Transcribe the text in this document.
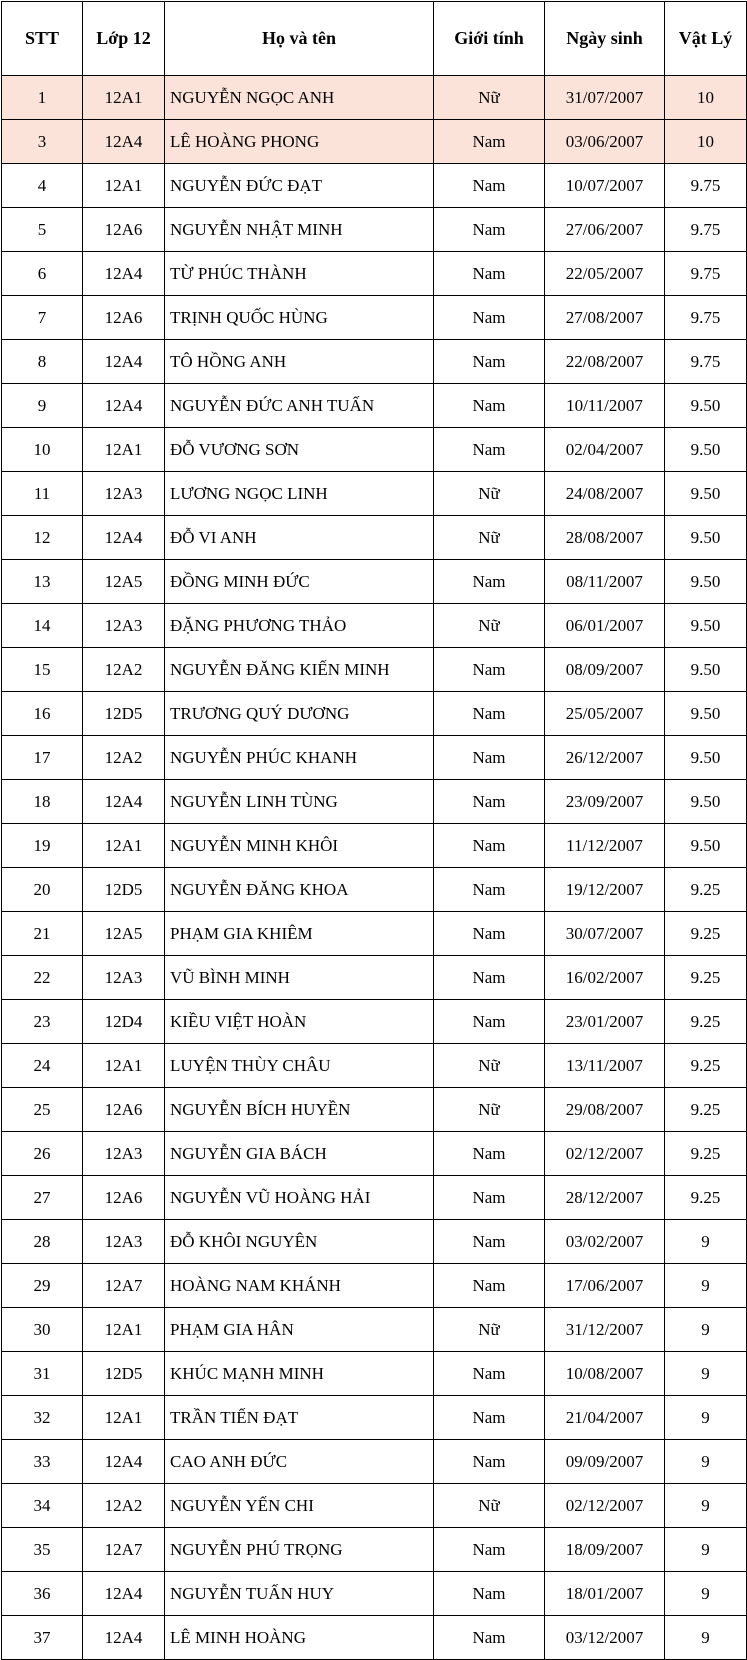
STT	Lớp 12	Họ và tên	Giới tính	Ngày sinh	Vật Lý
1	12A1	NGUYỄN NGỌC ANH	Nữ	31/07/2007	10
3	12A4	LÊ HOÀNG PHONG	Nam	03/06/2007	10
4	12A1	NGUYỄN ĐỨC ĐẠT	Nam	10/07/2007	9.75
5	12A6	NGUYỄN NHẬT MINH	Nam	27/06/2007	9.75
6	12A4	TỪ PHÚC THÀNH	Nam	22/05/2007	9.75
7	12A6	TRỊNH QUỐC HÙNG	Nam	27/08/2007	9.75
8	12A4	TÔ HỒNG ANH	Nam	22/08/2007	9.75
9	12A4	NGUYỄN ĐỨC ANH TUẤN	Nam	10/11/2007	9.50
10	12A1	ĐỖ VƯƠNG SƠN	Nam	02/04/2007	9.50
11	12A3	LƯƠNG NGỌC LINH	Nữ	24/08/2007	9.50
12	12A4	ĐỖ VI ANH	Nữ	28/08/2007	9.50
13	12A5	ĐỒNG MINH ĐỨC	Nam	08/11/2007	9.50
14	12A3	ĐẶNG PHƯƠNG THẢO	Nữ	06/01/2007	9.50
15	12A2	NGUYỄN ĐĂNG KIẾN MINH	Nam	08/09/2007	9.50
16	12D5	TRƯƠNG QUÝ DƯƠNG	Nam	25/05/2007	9.50
17	12A2	NGUYỄN PHÚC KHANH	Nam	26/12/2007	9.50
18	12A4	NGUYỄN LINH TÙNG	Nam	23/09/2007	9.50
19	12A1	NGUYỄN MINH KHÔI	Nam	11/12/2007	9.50
20	12D5	NGUYỄN ĐĂNG KHOA	Nam	19/12/2007	9.25
21	12A5	PHẠM GIA KHIÊM	Nam	30/07/2007	9.25
22	12A3	VŨ BÌNH MINH	Nam	16/02/2007	9.25
23	12D4	KIỀU VIỆT HOÀN	Nam	23/01/2007	9.25
24	12A1	LUYỆN THÙY CHÂU	Nữ	13/11/2007	9.25
25	12A6	NGUYỄN BÍCH HUYỀN	Nữ	29/08/2007	9.25
26	12A3	NGUYỄN GIA BÁCH	Nam	02/12/2007	9.25
27	12A6	NGUYỄN VŨ HOÀNG HẢI	Nam	28/12/2007	9.25
28	12A3	ĐỖ KHÔI NGUYÊN	Nam	03/02/2007	9
29	12A7	HOÀNG NAM KHÁNH	Nam	17/06/2007	9
30	12A1	PHẠM GIA HÂN	Nữ	31/12/2007	9
31	12D5	KHÚC MẠNH MINH	Nam	10/08/2007	9
32	12A1	TRẦN TIẾN ĐẠT	Nam	21/04/2007	9
33	12A4	CAO ANH ĐỨC	Nam	09/09/2007	9
34	12A2	NGUYỄN YẾN CHI	Nữ	02/12/2007	9
35	12A7	NGUYỄN PHÚ TRỌNG	Nam	18/09/2007	9
36	12A4	NGUYỄN TUẤN HUY	Nam	18/01/2007	9
37	12A4	LÊ MINH HOÀNG	Nam	03/12/2007	9
